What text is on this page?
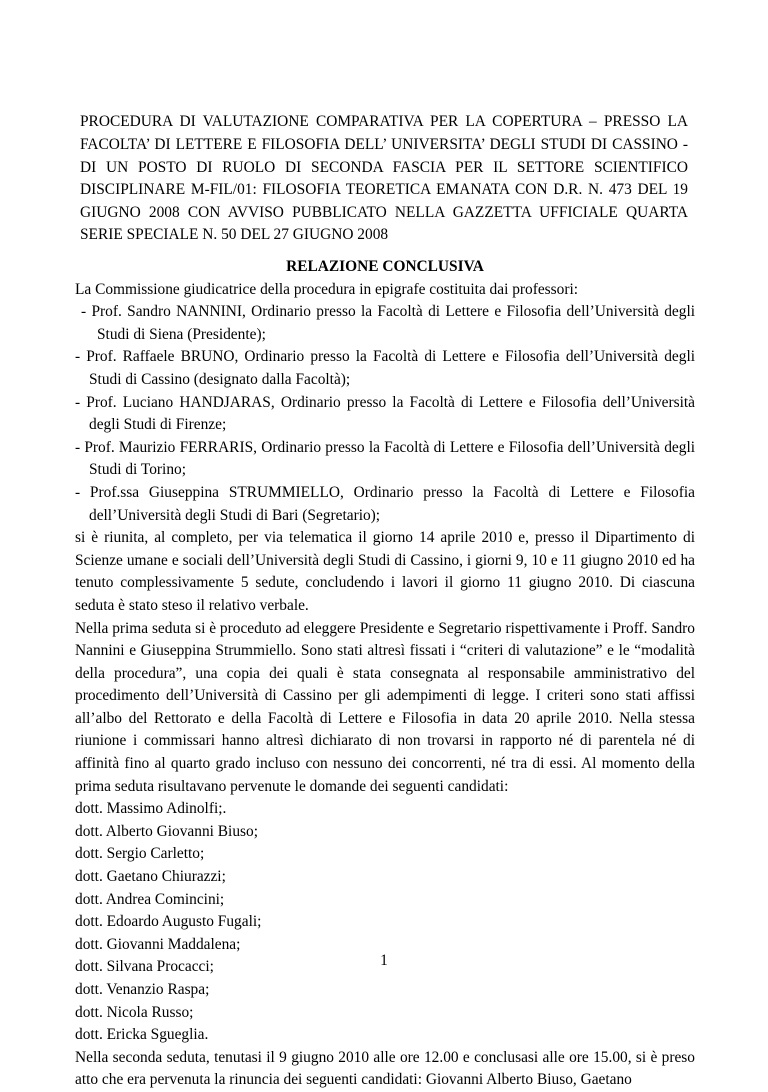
PROCEDURA DI VALUTAZIONE COMPARATIVA PER LA COPERTURA – PRESSO LA FACOLTA’ DI LETTERE E FILOSOFIA DELL’ UNIVERSITA’ DEGLI STUDI DI CASSINO - DI UN POSTO DI RUOLO DI SECONDA FASCIA PER IL SETTORE SCIENTIFICO DISCIPLINARE M-FIL/01: FILOSOFIA TEORETICA EMANATA CON D.R. N. 473 DEL 19 GIUGNO 2008 CON AVVISO PUBBLICATO NELLA GAZZETTA UFFICIALE QUARTA SERIE SPECIALE N. 50 DEL 27 GIUGNO 2008

RELAZIONE CONCLUSIVA

La Commissione giudicatrice della procedura in epigrafe costituita dai professori:

- Prof. Sandro NANNINI, Ordinario presso la Facoltà di Lettere e Filosofia dell’Università degli Studi di Siena (Presidente);
- Prof. Raffaele BRUNO, Ordinario presso la Facoltà di Lettere e Filosofia dell’Università degli Studi di Cassino (designato dalla Facoltà);
- Prof. Luciano HANDJARAS, Ordinario presso la Facoltà di Lettere e Filosofia dell’Università degli Studi di Firenze;
- Prof. Maurizio FERRARIS, Ordinario presso la Facoltà di Lettere e Filosofia dell’Università degli Studi di Torino;
- Prof.ssa Giuseppina STRUMMIELLO, Ordinario presso la Facoltà di Lettere e Filosofia dell’Università degli Studi di Bari (Segretario);

si è riunita, al completo, per via telematica il giorno 14 aprile 2010 e, presso il Dipartimento di Scienze umane e sociali dell’Università degli Studi di Cassino, i giorni 9, 10 e 11 giugno 2010 ed ha tenuto complessivamente 5 sedute, concludendo i lavori il giorno 11 giugno 2010. Di ciascuna seduta è stato steso il relativo verbale.

Nella prima seduta si è proceduto ad eleggere Presidente e Segretario rispettivamente i Proff. Sandro Nannini e Giuseppina Strummiello. Sono stati altresì fissati i “criteri di valutazione” e le “modalità della procedura”, una copia dei quali è stata consegnata al responsabile amministrativo del procedimento dell’Università di Cassino per gli adempimenti di legge. I criteri sono stati affissi all’albo del Rettorato e della Facoltà di Lettere e Filosofia in data 20 aprile 2010. Nella stessa riunione i commissari hanno altresì dichiarato di non trovarsi in rapporto né di parentela né di affinità fino al quarto grado incluso con nessuno dei concorrenti, né tra di essi. Al momento della prima seduta risultavano pervenute le domande dei seguenti candidati:

dott. Massimo Adinolfi;.
dott. Alberto Giovanni Biuso;
dott. Sergio Carletto;
dott. Gaetano Chiurazzi;
dott. Andrea Comincini;
dott. Edoardo Augusto Fugali;
dott. Giovanni Maddalena;
dott. Silvana Procacci;
dott. Venanzio Raspa;
dott. Nicola Russo;
dott. Ericka Sgueglia.

Nella seconda seduta, tenutasi il 9 giugno 2010 alle ore 12.00 e conclusasi alle ore 15.00, si è preso atto che era pervenuta la rinuncia dei seguenti candidati: Giovanni Alberto Biuso, Gaetano

1
